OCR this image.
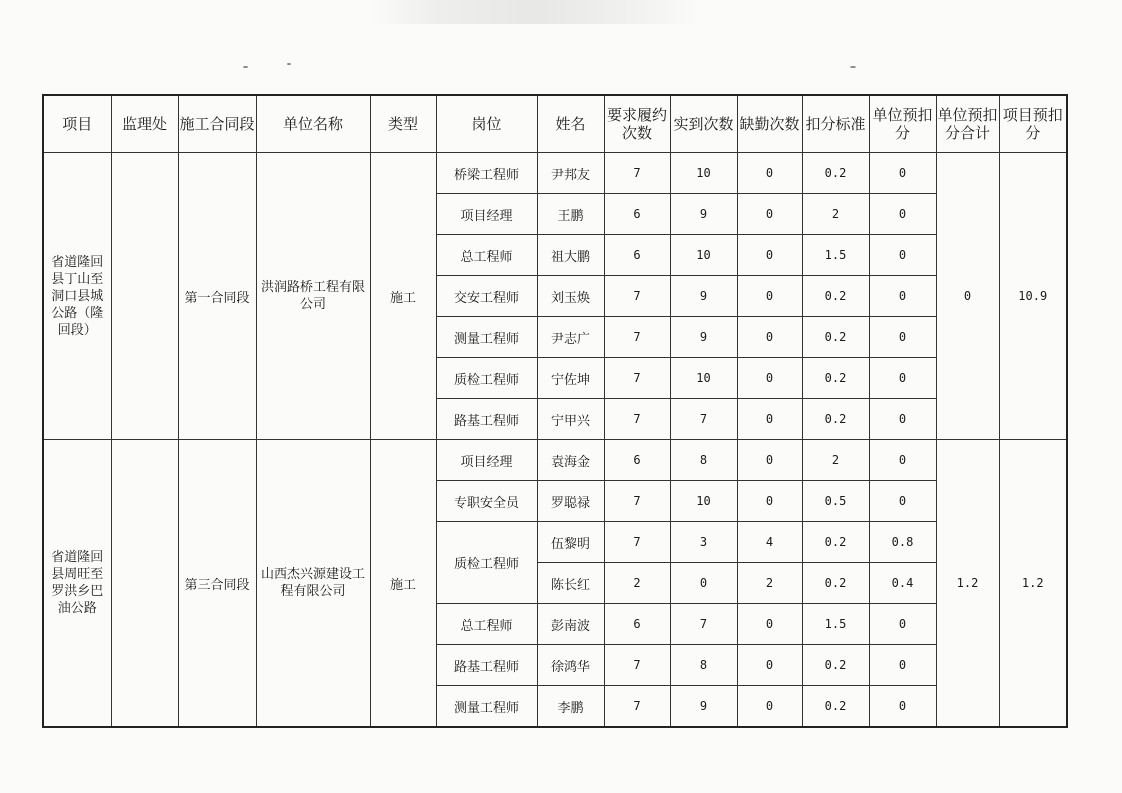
项目	监理处	施工合同段	单位名称	类型	岗位	姓名	要求履约次数	实到次数	缺勤次数	扣分标准	单位预扣分	单位预扣分合计	项目预扣分
省道隆回县丁山至洞口县城公路（隆回段）		第一合同段	洪润路桥工程有限公司	施工	桥梁工程师	尹邦友	7	10	0	0.2	0	0	10.9
					项目经理	王鹏	6	9	0	2	0		
					总工程师	祖大鹏	6	10	0	1.5	0		
					交安工程师	刘玉焕	7	9	0	0.2	0		
					测量工程师	尹志广	7	9	0	0.2	0		
					质检工程师	宁佐坤	7	10	0	0.2	0		
					路基工程师	宁甲兴	7	7	0	0.2	0		
省道隆回县周旺至罗洪乡巴油公路		第三合同段	山西杰兴源建设工程有限公司	施工	项目经理	袁海金	6	8	0	2	0	1.2	1.2
					专职安全员	罗聪禄	7	10	0	0.5	0		
					质检工程师	伍黎明	7	3	4	0.2	0.8		
						陈长红	2	0	2	0.2	0.4		
					总工程师	彭南波	6	7	0	1.5	0		
					路基工程师	徐鸿华	7	8	0	0.2	0		
					测量工程师	李鹏	7	9	0	0.2	0		
